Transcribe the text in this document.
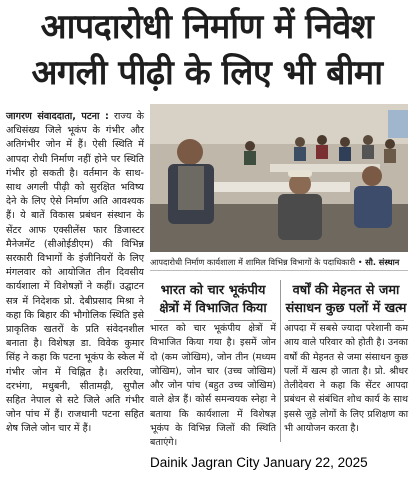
आपदारोधी निर्माण में निवेश
अगली पीढ़ी के लिए भी बीमा
जागरण संवाददाता, पटना : राज्य के अधिसंख्य जिले भूकंप के गंभीर और अतिगंभीर जोन में हैं। ऐसी स्थिति में आपदा रोधी निर्माण नहीं होने पर स्थिति गंभीर हो सकती है। वर्तमान के साथ-साथ अगली पीढ़ी को सुरक्षित भविष्य देने के लिए ऐसे निर्माण अति आवश्यक हैं। ये बातें विकास प्रबंधन संस्थान के सेंटर आफ एक्सीलेंस फार डिजास्टर मैनेजमेंट (सीओईडीएम) की विभिन्न सरकारी विभागों के इंजीनियरों के लिए मंगलवार को आयोजित तीन दिवसीय कार्यशाला में विशेषज्ञों ने कहीं। उद्घाटन सत्र में निदेशक प्रो. देबीप्रसाद मिश्रा ने कहा कि बिहार की भौगोलिक स्थिति इसे प्राकृतिक खतरों के प्रति संवेदनशील बनाता है। विशेषज्ञ डा. विवेक कुमार सिंह ने कहा कि पटना भूकंप के स्केल में गंभीर जोन में चिह्नित है। अररिया, दरभंगा, मधुबनी, सीतामढ़ी, सुपौल सहित नेपाल से सटे जिले अति गंभीर जोन पांच में हैं। राजधानी पटना सहित शेष जिले जोन चार में हैं।
आपदारोधी निर्माण कार्यशाला में शामिल विभिन्न विभागों के पदाधिकारी • सौ. संस्थान
भारत को चार भूकंपीय क्षेत्रों में विभाजित किया
वर्षों की मेहनत से जमा संसाधन कुछ पलों में खत्म
भारत को चार भूकंपीय क्षेत्रों में विभाजित किया गया है। इसमें जोन दो (कम जोखिम), जोन तीन (मध्यम जोखिम), जोन चार (उच्च जोखिम) और जोन पांच (बहुत उच्च जोखिम) वाले क्षेत्र हैं। कोर्स समन्वयक स्नेहा ने बताया कि कार्यशाला में विशेषज्ञ भूकंप के विभिन्न जिलों की स्थिति बताएंगे।
आपदा में सबसे ज्यादा परेशानी कम आय वाले परिवार को होती है। उनका वर्षों की मेहनत से जमा संसाधन कुछ पलों में खत्म हो जाता है। प्रो. श्रीधर तेलीदेवरा ने कहा कि सेंटर आपदा प्रबंधन से संबंधित शोध कार्य के साथ इससे जुड़े लोगों के लिए प्रशिक्षण का भी आयोजन करता है।
Dainik Jagran City January 22, 2025
